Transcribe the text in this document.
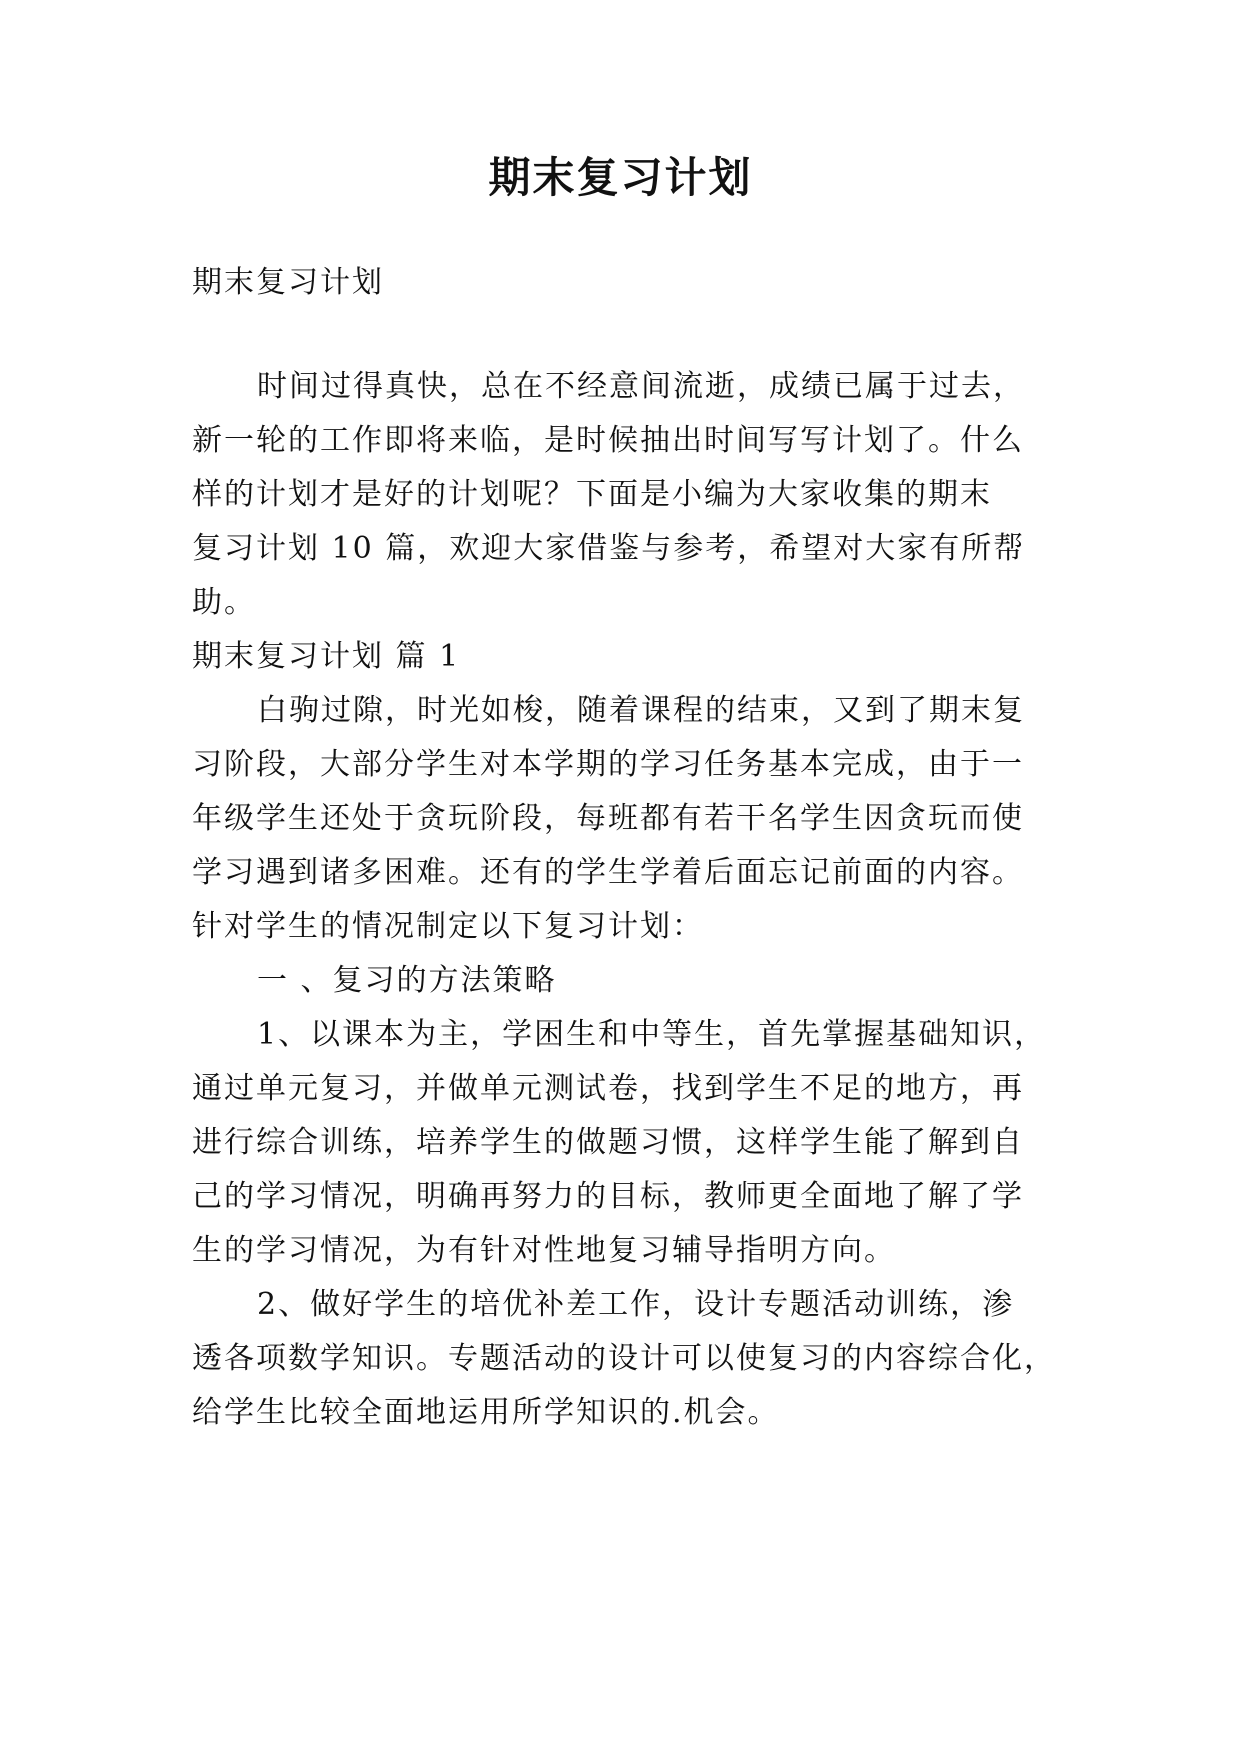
期末复习计划
期末复习计划
时间过得真快，总在不经意间流逝，成绩已属于过去，
新一轮的工作即将来临，是时候抽出时间写写计划了。什么
样的计划才是好的计划呢？下面是小编为大家收集的期末
复习计划 10 篇，欢迎大家借鉴与参考，希望对大家有所帮
助。
期末复习计划 篇 1
白驹过隙，时光如梭，随着课程的结束，又到了期末复
习阶段，大部分学生对本学期的学习任务基本完成，由于一
年级学生还处于贪玩阶段，每班都有若干名学生因贪玩而使
学习遇到诸多困难。还有的学生学着后面忘记前面的内容。
针对学生的情况制定以下复习计划：
一 、复习的方法策略
1、以课本为主，学困生和中等生，首先掌握基础知识，
通过单元复习，并做单元测试卷，找到学生不足的地方，再
进行综合训练，培养学生的做题习惯，这样学生能了解到自
己的学习情况，明确再努力的目标，教师更全面地了解了学
生的学习情况，为有针对性地复习辅导指明方向。
2、做好学生的培优补差工作，设计专题活动训练，渗
透各项数学知识。专题活动的设计可以使复习的内容综合化，
给学生比较全面地运用所学知识的.机会。
